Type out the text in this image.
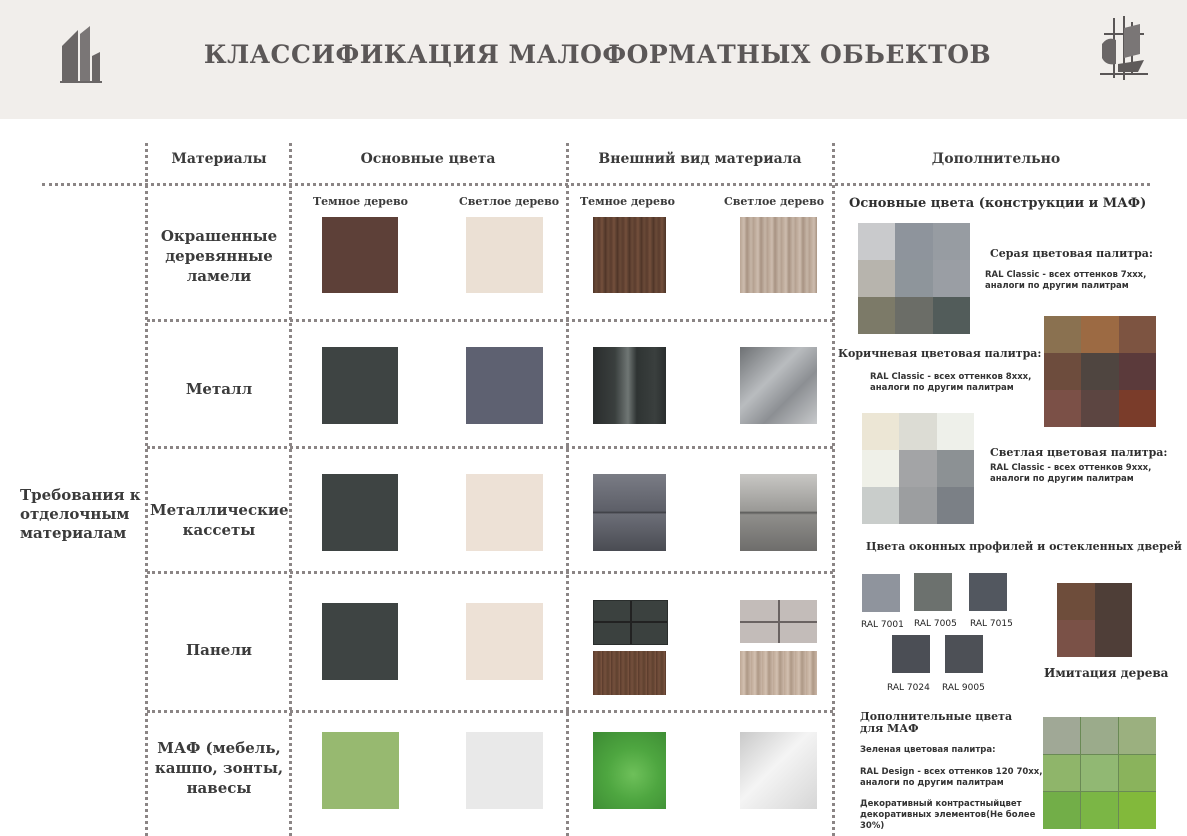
КЛАССИФИКАЦИЯ МАЛОФОРМАТНЫХ ОБЬЕКТОВ
Материалы	Основные цвета	Внешний вид материала	Дополнительно
Темное дерево	Светлое дерево Темное дерево	Светлое дерево
Требования к отделочным материалам
Окрашенные деревянные ламели
Металл
Металлические кассеты
Панели
МАФ (мебель, кашпо, зонты, навесы
Основные цвета (конструкции и МАФ)
Серая цветовая палитра:
RAL Classic - всех оттенков 7ххх,
аналоги по другим палитрам
Коричневая цветовая палитра:
RAL Classic - всех оттенков 8ххх,
аналоги по другим палитрам
Светлая цветовая палитра:
RAL Classic - всех оттенков 9ххх,
аналоги по другим палитрам
Цвета оконных профилей и остекленных дверей
RAL 7001 RAL 7005 RAL 7015
RAL 7024 RAL 9005
Имитация дерева
Дополнительные цвета
для МАФ
Зеленая цветовая палитра:
RAL Design - всех оттенков 120 70хх,
аналоги по другим палитрам
Декоративный контрастныйцвет
декоративных элементов(Не более
30%)
